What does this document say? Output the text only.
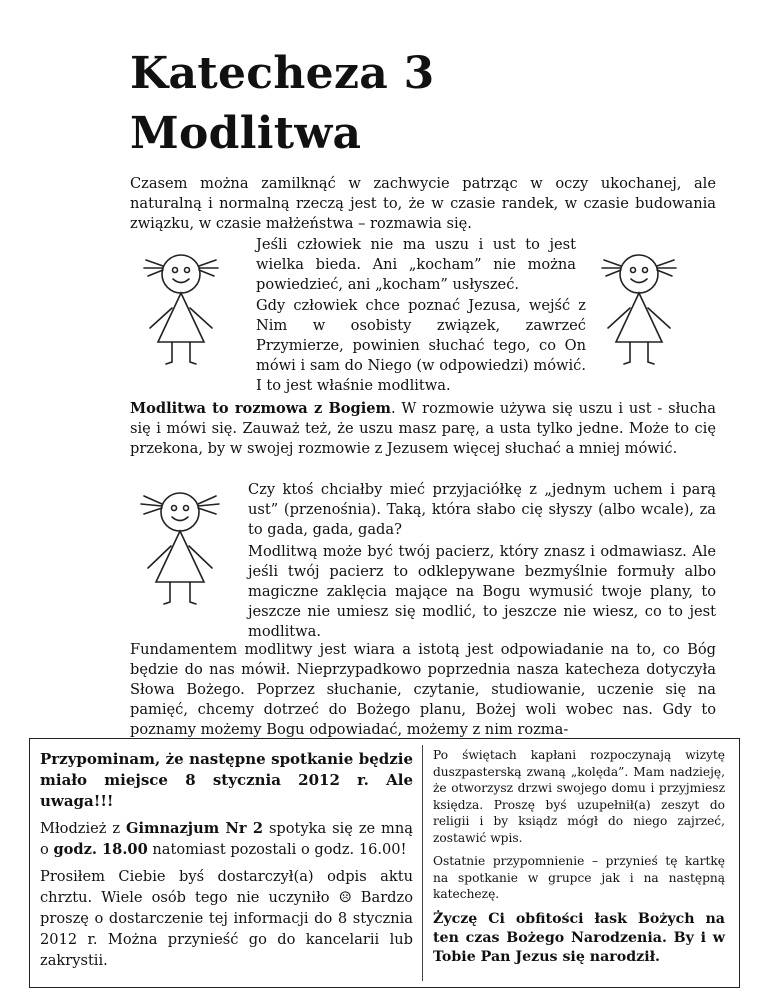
Katecheza 3
Modlitwa

Czasem można zamilknąć w zachwycie patrząc w oczy ukochanej, ale naturalną i normalną rzeczą jest to, że w czasie randek, w czasie budowania związku, w czasie małżeństwa – rozmawia się.

Jeśli człowiek nie ma uszu i ust to jest wielka bieda. Ani „kocham” nie można powiedzieć, ani „kocham” usłyszeć.

Gdy człowiek chce poznać Jezusa, wejść z Nim w osobisty związek, zawrzeć Przymierze, powinien słuchać tego, co On mówi i sam do Niego (w odpowiedzi) mówić. I to jest właśnie modlitwa.

Modlitwa to rozmowa z Bogiem. W rozmowie używa się uszu i ust - słucha się i mówi się. Zauważ też, że uszu masz parę, a usta tylko jedne. Może to cię przekona, by w swojej rozmowie z Jezusem więcej słuchać a mniej mówić.

Czy ktoś chciałby mieć przyjaciółkę z „jednym uchem i parą ust” (przenośnia). Taką, która słabo cię słyszy (albo wcale), za to gada, gada, gada?

Modlitwą może być twój pacierz, który znasz i odmawiasz. Ale jeśli twój pacierz to odklepywane bezmyślnie formuły albo magiczne zaklęcia mające na Bogu wymusić twoje plany, to jeszcze nie umiesz się modlić, to jeszcze nie wiesz, co to jest modlitwa.

Fundamentem modlitwy jest wiara a istotą jest odpowiadanie na to, co Bóg będzie do nas mówił. Nieprzypadkowo poprzednia nasza katecheza dotyczyła Słowa Bożego. Poprzez słuchanie, czytanie, studiowanie, uczenie się na pamięć, chcemy dotrzeć do Bożego planu, Bożej woli wobec nas. Gdy to poznamy możemy Bogu odpowiadać, możemy z nim rozma-

Przypominam, że następne spotkanie będzie miało miejsce 8 stycznia 2012 r. Ale uwaga!!!

Młodzież z Gimnazjum Nr 2 spotyka się ze mną o godz. 18.00 natomiast pozostali o godz. 16.00!

Prosiłem Ciebie byś dostarczył(a) odpis aktu chrztu. Wiele osób tego nie uczyniło ☹ Bardzo proszę o dostarczenie tej informacji do 8 stycznia 2012 r. Można przynieść go do kancelarii lub zakrystii.

Po świętach kapłani rozpoczynają wizytę duszpasterską zwaną „kolęda”. Mam nadzieję, że otworzysz drzwi swojego domu i przyjmiesz księdza. Proszę byś uzupełnił(a) zeszyt do religii i by ksiądz mógł do niego zajrzeć, zostawić wpis.

Ostatnie przypomnienie – przynieś tę kartkę na spotkanie w grupce jak i na następną katechezę.

Życzę Ci obfitości łask Bożych na ten czas Bożego Narodzenia. By i w Tobie Pan Jezus się narodził.
